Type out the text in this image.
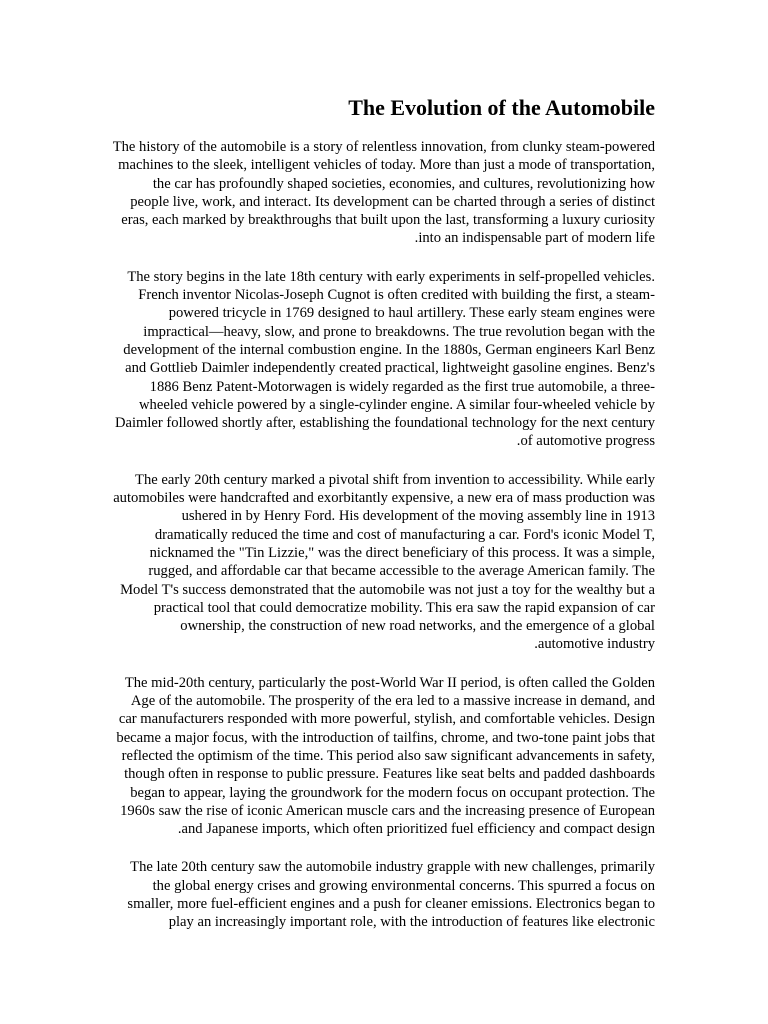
The Evolution of the Automobile

The history of the automobile is a story of relentless innovation, from clunky steam-powered machines to the sleek, intelligent vehicles of today. More than just a mode of transportation, the car has profoundly shaped societies, economies, and cultures, revolutionizing how people live, work, and interact. Its development can be charted through a series of distinct eras, each marked by breakthroughs that built upon the last, transforming a luxury curiosity into an indispensable part of modern life.

The story begins in the late 18th century with early experiments in self-propelled vehicles. French inventor Nicolas-Joseph Cugnot is often credited with building the first, a steam-powered tricycle in 1769 designed to haul artillery. These early steam engines were impractical—heavy, slow, and prone to breakdowns. The true revolution began with the development of the internal combustion engine. In the 1880s, German engineers Karl Benz and Gottlieb Daimler independently created practical, lightweight gasoline engines. Benz's 1886 Benz Patent-Motorwagen is widely regarded as the first true automobile, a three-wheeled vehicle powered by a single-cylinder engine. A similar four-wheeled vehicle by Daimler followed shortly after, establishing the foundational technology for the next century of automotive progress.

The early 20th century marked a pivotal shift from invention to accessibility. While early automobiles were handcrafted and exorbitantly expensive, a new era of mass production was ushered in by Henry Ford. His development of the moving assembly line in 1913 dramatically reduced the time and cost of manufacturing a car. Ford's iconic Model T, nicknamed the "Tin Lizzie," was the direct beneficiary of this process. It was a simple, rugged, and affordable car that became accessible to the average American family. The Model T's success demonstrated that the automobile was not just a toy for the wealthy but a practical tool that could democratize mobility. This era saw the rapid expansion of car ownership, the construction of new road networks, and the emergence of a global automotive industry.

The mid-20th century, particularly the post-World War II period, is often called the Golden Age of the automobile. The prosperity of the era led to a massive increase in demand, and car manufacturers responded with more powerful, stylish, and comfortable vehicles. Design became a major focus, with the introduction of tailfins, chrome, and two-tone paint jobs that reflected the optimism of the time. This period also saw significant advancements in safety, though often in response to public pressure. Features like seat belts and padded dashboards began to appear, laying the groundwork for the modern focus on occupant protection. The 1960s saw the rise of iconic American muscle cars and the increasing presence of European and Japanese imports, which often prioritized fuel efficiency and compact design.

The late 20th century saw the automobile industry grapple with new challenges, primarily the global energy crises and growing environmental concerns. This spurred a focus on smaller, more fuel-efficient engines and a push for cleaner emissions. Electronics began to play an increasingly important role, with the introduction of features like electronic
